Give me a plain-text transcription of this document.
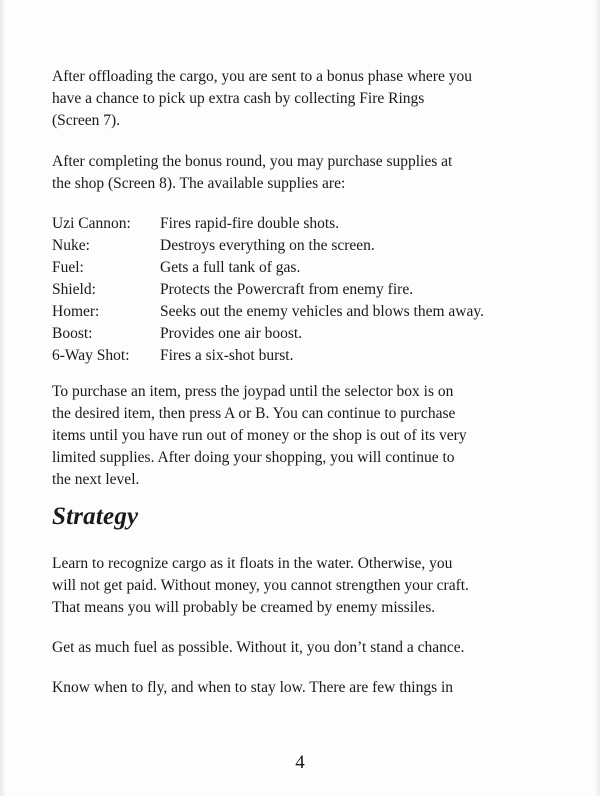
After offloading the cargo, you are sent to a bonus phase where you
have a chance to pick up extra cash by collecting Fire Rings
(Screen 7).

After completing the bonus round, you may purchase supplies at
the shop (Screen 8). The available supplies are:

Uzi Cannon:	Fires rapid-fire double shots.
Nuke:	Destroys everything on the screen.
Fuel:	Gets a full tank of gas.
Shield:	Protects the Powercraft from enemy fire.
Homer:	Seeks out the enemy vehicles and blows them away.
Boost:	Provides one air boost.
6-Way Shot:	Fires a six-shot burst.

To purchase an item, press the joypad until the selector box is on
the desired item, then press A or B. You can continue to purchase
items until you have run out of money or the shop is out of its very
limited supplies. After doing your shopping, you will continue to
the next level.

Strategy

Learn to recognize cargo as it floats in the water. Otherwise, you
will not get paid. Without money, you cannot strengthen your craft.
That means you will probably be creamed by enemy missiles.

Get as much fuel as possible. Without it, you don’t stand a chance.

Know when to fly, and when to stay low. There are few things in

4
